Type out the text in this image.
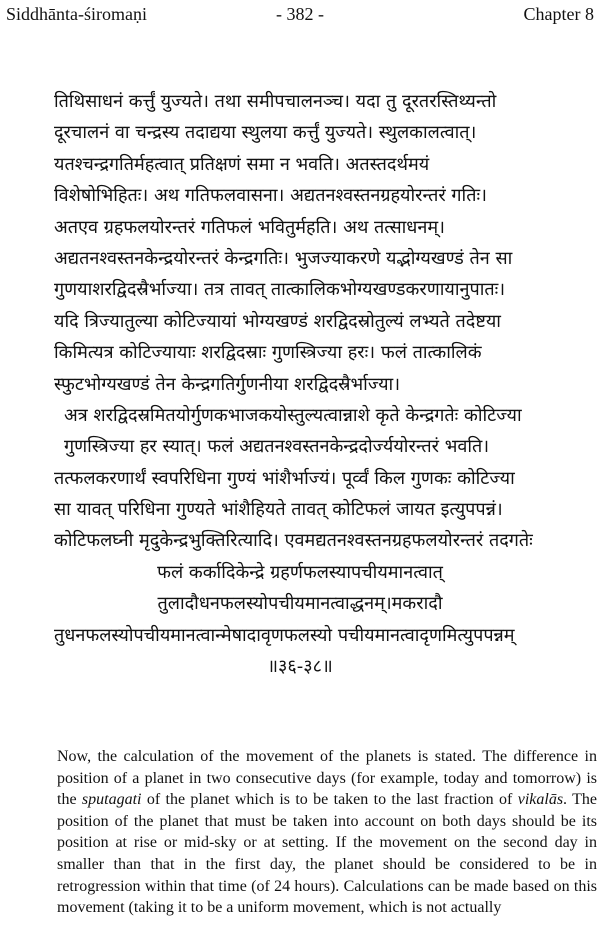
Siddhānta-śiromaṇi	- 382 -	Chapter 8
तिथिसाधनं कर्त्तुं युज्यते। तथा समीपचालनञ्च। यदा तु दूरतरस्तिथ्यन्तो
दूरचालनं वा चन्द्रस्य तदाद्यया स्थुलया कर्त्तुं युज्यते। स्थुलकालत्वात्।
यतश्चन्द्रगतिर्महत्वात् प्रतिक्षणं समा न भवति। अतस्तदर्थमयं
विशेषोभिहितः। अथ गतिफलवासना। अद्यतनश्वस्तनग्रहयोरन्तरं गतिः।
अतएव ग्रहफलयोरन्तरं गतिफलं भवितुर्महति। अथ तत्साधनम्।
अद्यतनश्वस्तनकेन्द्रयोरन्तरं केन्द्रगतिः। भुजज्याकरणे यद्भोग्यखण्डं तेन सा
गुणयाशरद्विदस्रैर्भाज्या। तत्र तावत् तात्कालिकभोग्यखण्डकरणायानुपातः।
यदि त्रिज्यातुल्या कोटिज्यायां भोग्यखण्डं शरद्विदस्रोतुल्यं लभ्यते तदेष्टया
किमित्यत्र कोटिज्यायाः शरद्विदस्राः गुणस्त्रिज्या हरः। फलं तात्कालिकं
स्फुटभोग्यखण्डं तेन केन्द्रगतिर्गुणनीया शरद्विदस्रैर्भाज्या।
अत्र शरद्विदस्रमितयोर्गुणकभाजकयोस्तुल्यत्वान्नाशे कृते केन्द्रगतेः कोटिज्या
गुणस्त्रिज्या हर स्यात्। फलं अद्यतनश्वस्तनकेन्द्रदोर्ज्ययोरन्तरं भवति।
तत्फलकरणार्थं स्वपरिधिना गुण्यं भांशैर्भाज्यं। पूर्व्वं किल गुणकः कोटिज्या
सा यावत् परिधिना गुण्यते भांशैहियते तावत् कोटिफलं जायत इत्युपपन्नं।
कोटिफलघ्नी मृदुकेन्द्रभुक्तिरित्यादि। एवमद्यतनश्वस्तनग्रहफलयोरन्तरं तदगतेः
फलं कर्कादिकेन्द्रे ग्रहर्णफलस्यापचीयमानत्वात्
तुलादौधनफलस्योपचीयमानत्वाद्धनम्।मकरादौ
तुधनफलस्योपचीयमानत्वान्मेषादावृणफलस्यो पचीयमानत्वादृणमित्युपपन्नम्
॥३६-३८॥

Now, the calculation of the movement of the planets is stated. The difference in position of a planet in two consecutive days (for example, today and tomorrow) is the sputagati of the planet which is to be taken to the last fraction of vikalās. The position of the planet that must be taken into account on both days should be its position at rise or mid-sky or at setting. If the movement on the second day in smaller than that in the first day, the planet should be considered to be in retrogression within that time (of 24 hours). Calculations can be made based on this movement (taking it to be a uniform movement, which is not actually
